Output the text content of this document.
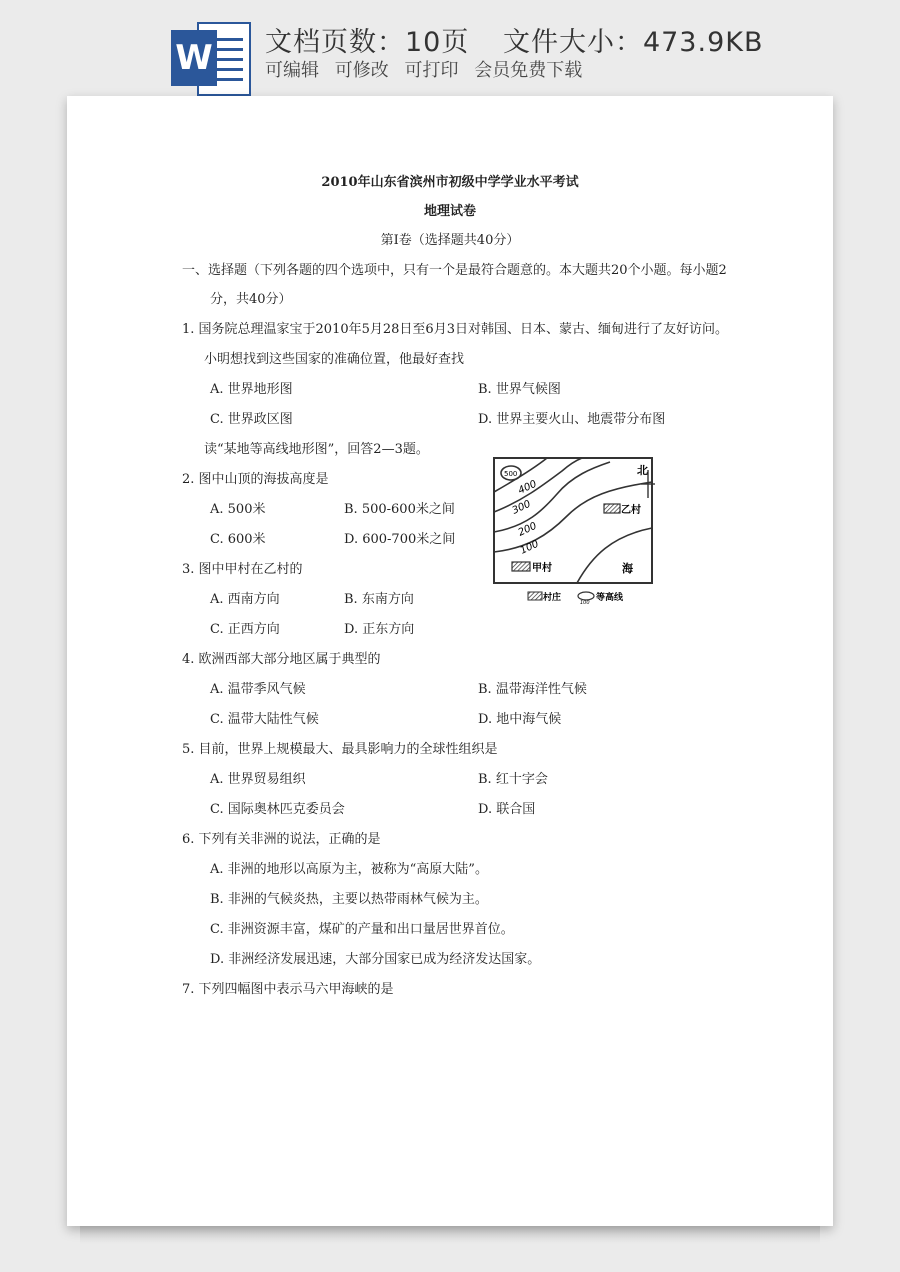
W 文档页数：10页 文件大小：473.9KB
可编辑 可修改 可打印 会员免费下载
2010年山东省滨州市初级中学学业水平考试
地理试卷
第Ⅰ卷（选择题共40分）
一、选择题（下列各题的四个选项中，只有一个是最符合题意的。本大题共20个小题。每小题2
分，共40分）
1. 国务院总理温家宝于2010年5月28日至6月3日对韩国、日本、蒙古、缅甸进行了友好访问。
小明想找到这些国家的准确位置，他最好查找
A. 世界地形图	B. 世界气候图
C. 世界政区图	D. 世界主要火山、地震带分布图
读“某地等高线地形图”，回答2—3题。
2. 图中山顶的海拔高度是
A. 500米	B. 500-600米之间
C. 600米	D. 600-700米之间
3. 图中甲村在乙村的
A. 西南方向	B. 东南方向
C. 正西方向	D. 正东方向
4. 欧洲西部大部分地区属于典型的
A. 温带季风气候	B. 温带海洋性气候
C. 温带大陆性气候	D. 地中海气候
5. 目前，世界上规模最大、最具影响力的全球性组织是
A. 世界贸易组织	B. 红十字会
C. 国际奥林匹克委员会	D. 联合国
6. 下列有关非洲的说法，正确的是
A. 非洲的地形以高原为主，被称为“高原大陆”。
B. 非洲的气候炎热，主要以热带雨林气候为主。
C. 非洲资源丰富，煤矿的产量和出口量居世界首位。
D. 非洲经济发展迅速，大部分国家已成为经济发达国家。
7. 下列四幅图中表示马六甲海峡的是
500
400
300
200
100
北
乙村
甲村	海
村庄	100 等高线
